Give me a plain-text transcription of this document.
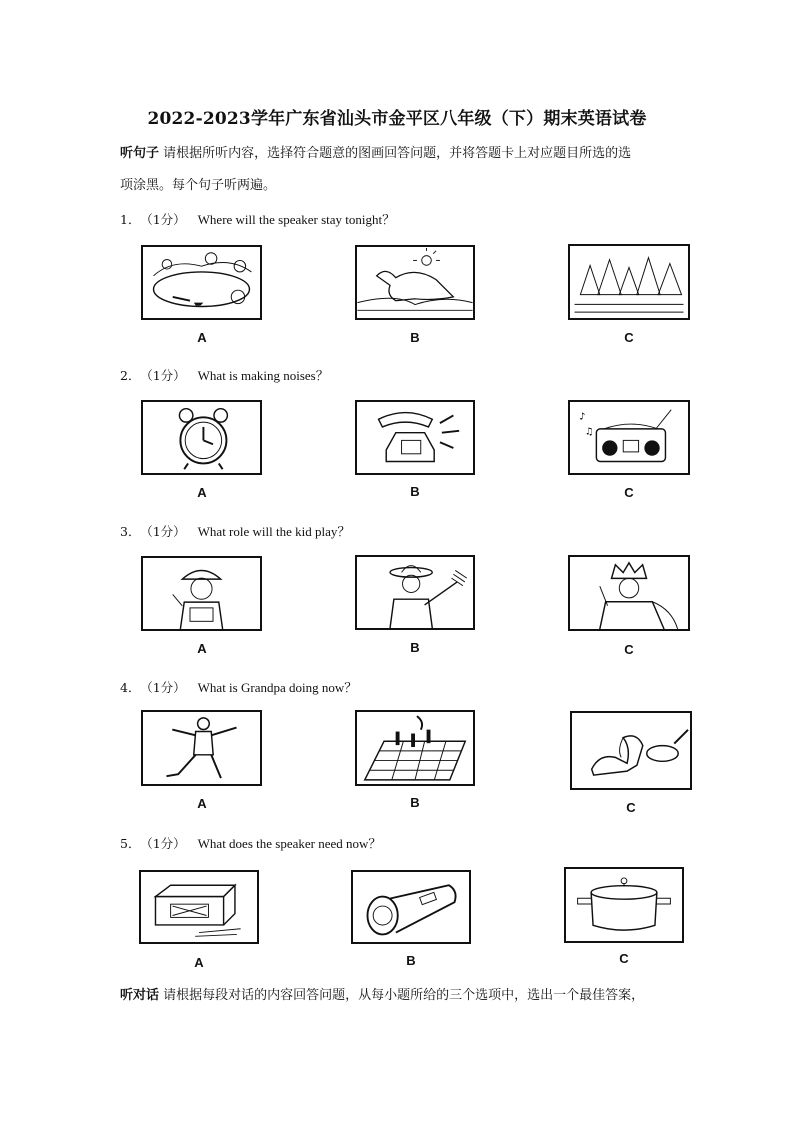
2022-2023学年广东省汕头市金平区八年级（下）期末英语试卷
听句子 请根据所听内容，选择符合题意的图画回答问题，并将答题卡上对应题目所选的选
项涂黑。每个句子听两遍。
1． （1分） Where will the speaker stay tonight？
A	B	C
2． （1分） What is making noises？
♪
♫
A	B	C
3． （1分） What role will the kid play？
A	B	C
4． （1分） What is Grandpa doing now？
A	B	C
5． （1分） What does the speaker need now？
A	B	C
听对话 请根据每段对话的内容回答问题，从每小题所给的三个选项中，选出一个最佳答案，
